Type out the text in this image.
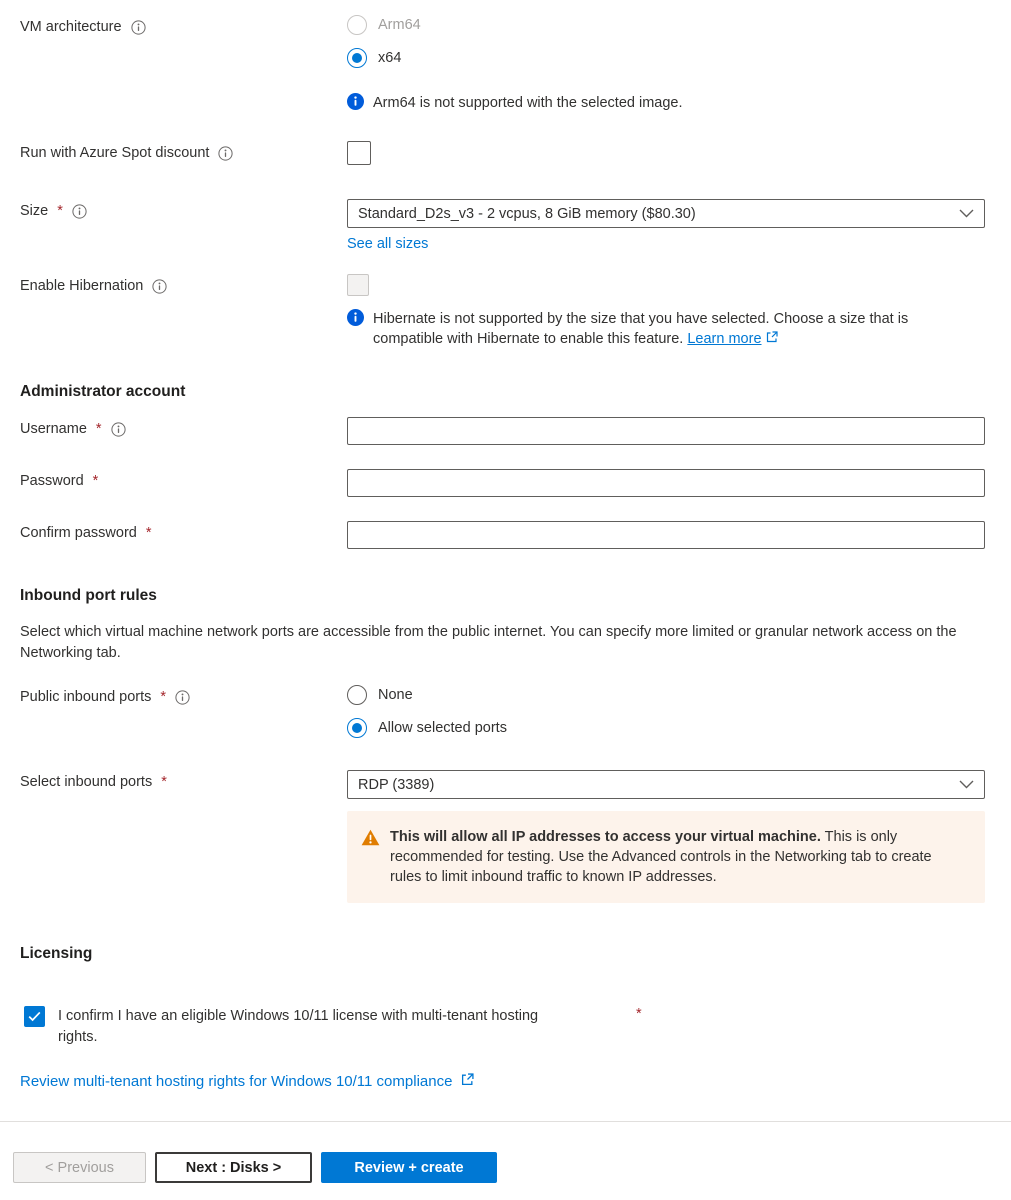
VM architecture	Arm64
x64
Arm64 is not supported with the selected image.
Run with Azure Spot discount
Size *	Standard_D2s_v3 - 2 vcpus, 8 GiB memory ($80.30)
See all sizes
Enable Hibernation
Hibernate is not supported by the size that you have selected. Choose a size that is compatible with Hibernate to enable this feature. Learn more
Administrator account
Username *
Password *
Confirm password *
Inbound port rules

Select which virtual machine network ports are accessible from the public internet. You can specify more limited or granular network access on the Networking tab.

Public inbound ports *	None
Allow selected ports
Select inbound ports *	RDP (3389)
This will allow all IP addresses to access your virtual machine. This is only recommended for testing. Use the Advanced controls in the Networking tab to create rules to limit inbound traffic to known IP addresses.
Licensing
I confirm I have an eligible Windows 10/11 license with multi-tenant hosting rights.
*
Review multi-tenant hosting rights for Windows 10/11 compliance
< Previous	Next : Disks >	Review + create
